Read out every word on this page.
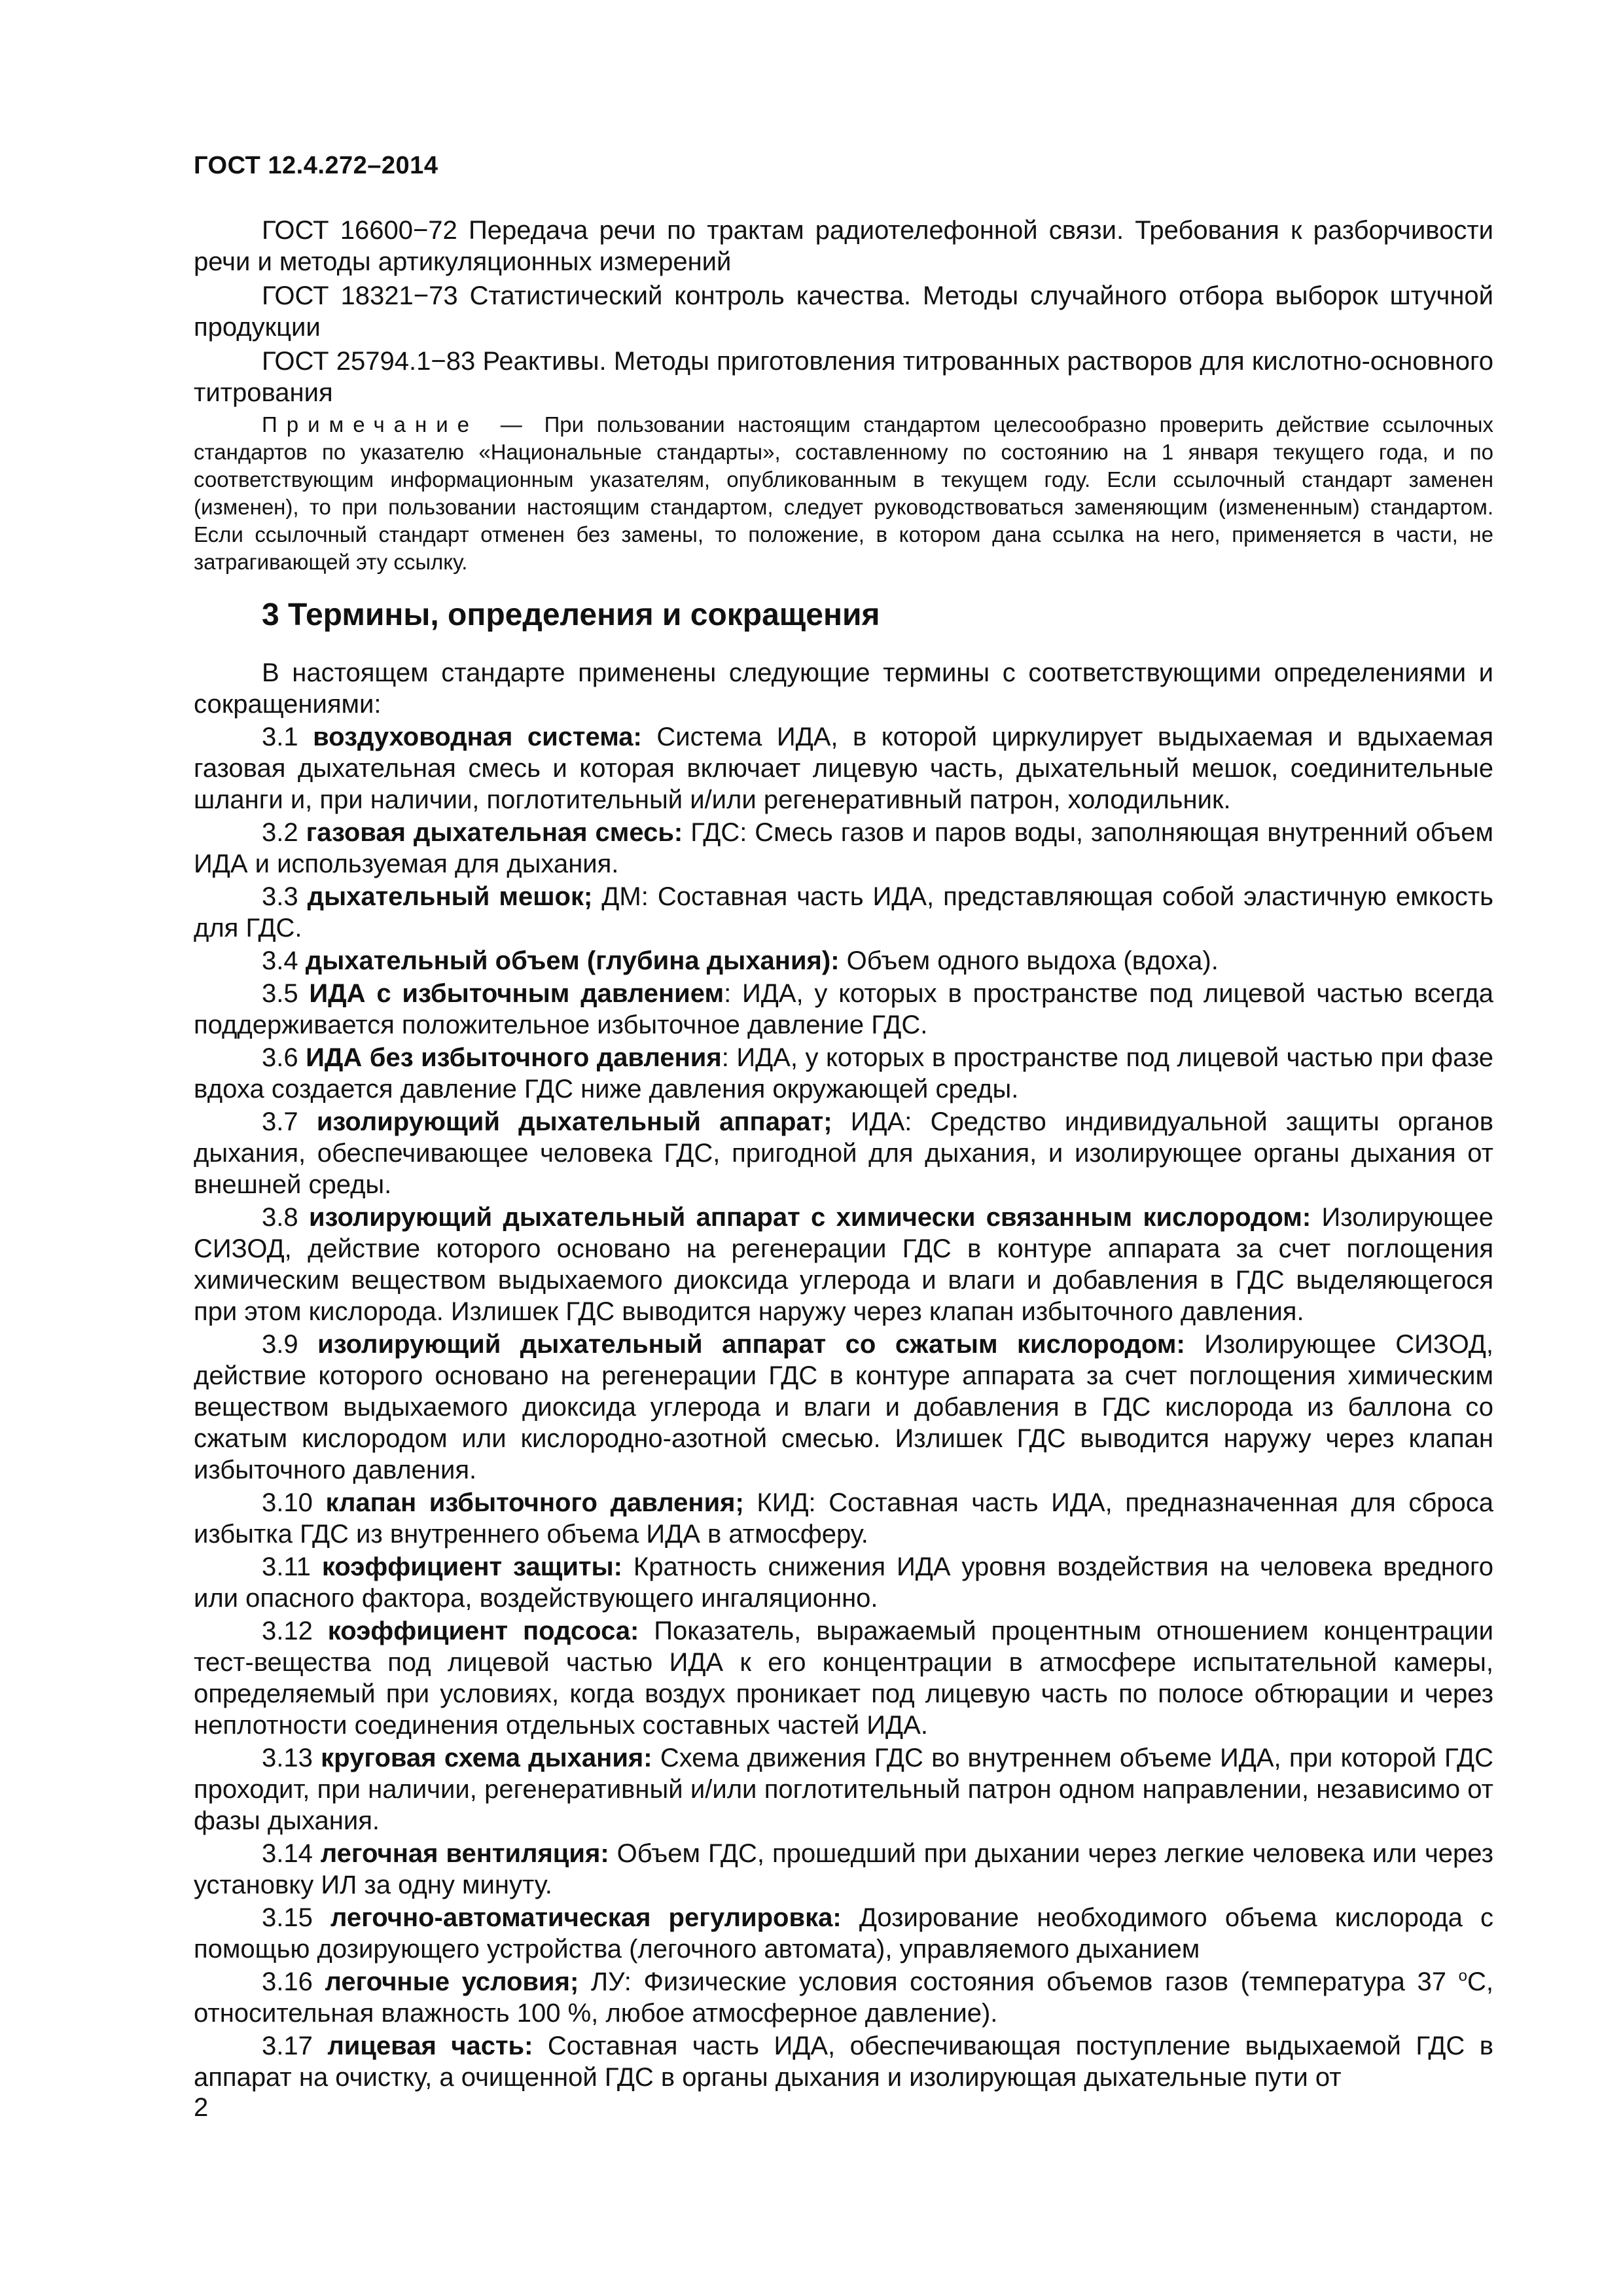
ГОСТ 12.4.272–2014

ГОСТ 16600−72 Передача речи по трактам радиотелефонной связи. Требования к разборчивости речи и методы артикуляционных измерений

ГОСТ 18321−73 Статистический контроль качества. Методы случайного отбора выборок штучной продукции

ГОСТ 25794.1−83 Реактивы. Методы приготовления титрованных растворов для кислотно-основного титрования

Примечание — При пользовании настоящим стандартом целесообразно проверить действие ссылочных стандартов по указателю «Национальные стандарты», составленному по состоянию на 1 января текущего года, и по соответствующим информационным указателям, опубликованным в текущем году. Если ссылочный стандарт заменен (изменен), то при пользовании настоящим стандартом, следует руководствоваться заменяющим (измененным) стандартом. Если ссылочный стандарт отменен без замены, то положение, в котором дана ссылка на него, применяется в части, не затрагивающей эту ссылку.

3 Термины, определения и сокращения

В настоящем стандарте применены следующие термины с соответствующими определениями и сокращениями:

3.1 воздуховодная система: Система ИДА, в которой циркулирует выдыхаемая и вдыхаемая газовая дыхательная смесь и которая включает лицевую часть, дыхательный мешок, соединительные шланги и, при наличии, поглотительный и/или регенеративный патрон, холодильник.

3.2 газовая дыхательная смесь: ГДС: Смесь газов и паров воды, заполняющая внутренний объем ИДА и используемая для дыхания.

3.3 дыхательный мешок; ДМ: Составная часть ИДА, представляющая собой эластичную емкость для ГДС.

3.4 дыхательный объем (глубина дыхания): Объем одного выдоха (вдоха).

3.5 ИДА с избыточным давлением: ИДА, у которых в пространстве под лицевой частью всегда поддерживается положительное избыточное давление ГДС.

3.6 ИДА без избыточного давления: ИДА, у которых в пространстве под лицевой частью при фазе вдоха создается давление ГДС ниже давления окружающей среды.

3.7 изолирующий дыхательный аппарат; ИДА: Средство индивидуальной защиты органов дыхания, обеспечивающее человека ГДС, пригодной для дыхания, и изолирующее органы дыхания от внешней среды.

3.8 изолирующий дыхательный аппарат с химически связанным кислородом: Изолирующее СИЗОД, действие которого основано на регенерации ГДС в контуре аппарата за счет поглощения химическим веществом выдыхаемого диоксида углерода и влаги и добавления в ГДС выделяющегося при этом кислорода. Излишек ГДС выводится наружу через клапан избыточного давления.

3.9 изолирующий дыхательный аппарат со сжатым кислородом: Изолирующее СИЗОД, действие которого основано на регенерации ГДС в контуре аппарата за счет поглощения химическим веществом выдыхаемого диоксида углерода и влаги и добавления в ГДС кислорода из баллона со сжатым кислородом или кислородно-азотной смесью. Излишек ГДС выводится наружу через клапан избыточного давления.

3.10 клапан избыточного давления; КИД: Составная часть ИДА, предназначенная для сброса избытка ГДС из внутреннего объема ИДА в атмосферу.

3.11 коэффициент защиты: Кратность снижения ИДА уровня воздействия на человека вредного или опасного фактора, воздействующего ингаляционно.

3.12 коэффициент подсоса: Показатель, выражаемый процентным отношением концентрации тест-вещества под лицевой частью ИДА к его концентрации в атмосфере испытательной камеры, определяемый при условиях, когда воздух проникает под лицевую часть по полосе обтюрации и через неплотности соединения отдельных составных частей ИДА.

3.13 круговая схема дыхания: Схема движения ГДС во внутреннем объеме ИДА, при которой ГДС проходит, при наличии, регенеративный и/или поглотительный патрон одном направлении, независимо от фазы дыхания.

3.14 легочная вентиляция: Объем ГДС, прошедший при дыхании через легкие человека или через установку ИЛ за одну минуту.

3.15 легочно-автоматическая регулировка: Дозирование необходимого объема кислорода с помощью дозирующего устройства (легочного автомата), управляемого дыханием

3.16 легочные условия; ЛУ: Физические условия состояния объемов газов (температура 37 $^о$С, относительная влажность 100 %, любое атмосферное давление).

3.17 лицевая часть: Составная часть ИДА, обеспечивающая поступление выдыхаемой ГДС в аппарат на очистку, а очищенной ГДС в органы дыхания и изолирующая дыхательные пути от

2
